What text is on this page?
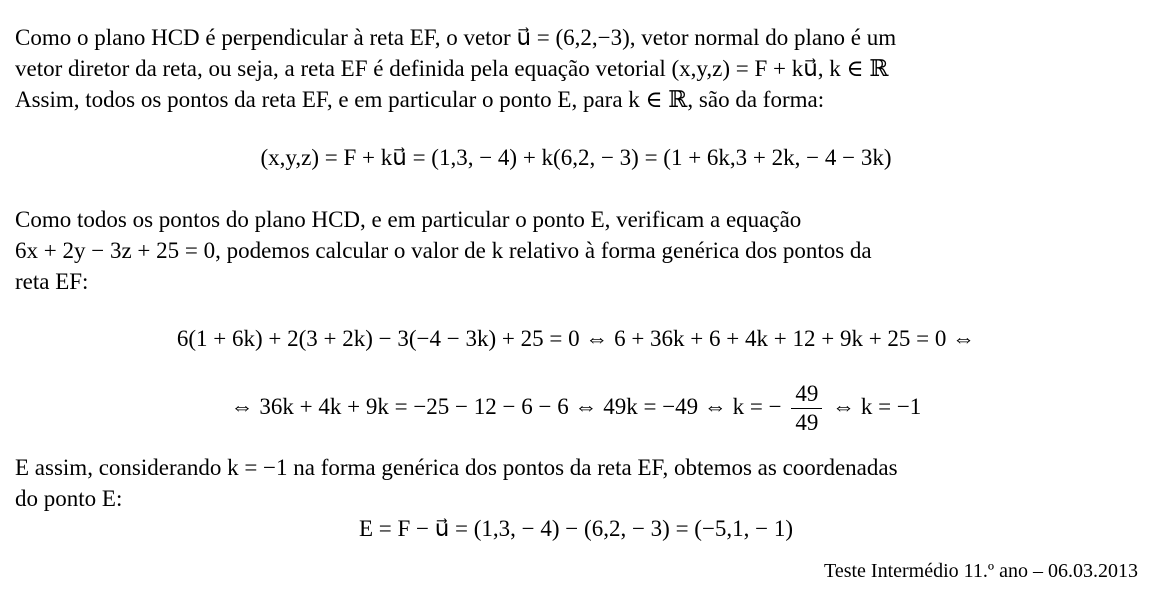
Como o plano HCD é perpendicular à reta EF, o vetor u⃗ = (6,2,−3), vetor normal do plano é um
vetor diretor da reta, ou seja, a reta EF é definida pela equação vetorial (x,y,z) = F + ku⃗, k ∈ ℝ
Assim, todos os pontos da reta EF, e em particular o ponto E, para k ∈ ℝ, são da forma:
(x,y,z) = F + ku⃗ = (1,3, − 4) + k(6,2, − 3) = (1 + 6k,3 + 2k, − 4 − 3k)
Como todos os pontos do plano HCD, e em particular o ponto E, verificam a equação
6x + 2y − 3z + 25 = 0, podemos calcular o valor de k relativo à forma genérica dos pontos da
reta EF:
6(1 + 6k) + 2(3 + 2k) − 3(−4 − 3k) + 25 = 0 ⇔ 6 + 36k + 6 + 4k + 12 + 9k + 25 = 0 ⇔
⇔ 36k + 4k + 9k = −25 − 12 − 6 − 6 ⇔ 49k = −49 ⇔ k = − $\frac{49}{49}$ ⇔ k = −1
E assim, considerando k = −1 na forma genérica dos pontos da reta EF, obtemos as coordenadas
do ponto E:
E = F − u⃗ = (1,3, − 4) − (6,2, − 3) = (−5,1, − 1)
Teste Intermédio 11.º ano – 06.03.2013
